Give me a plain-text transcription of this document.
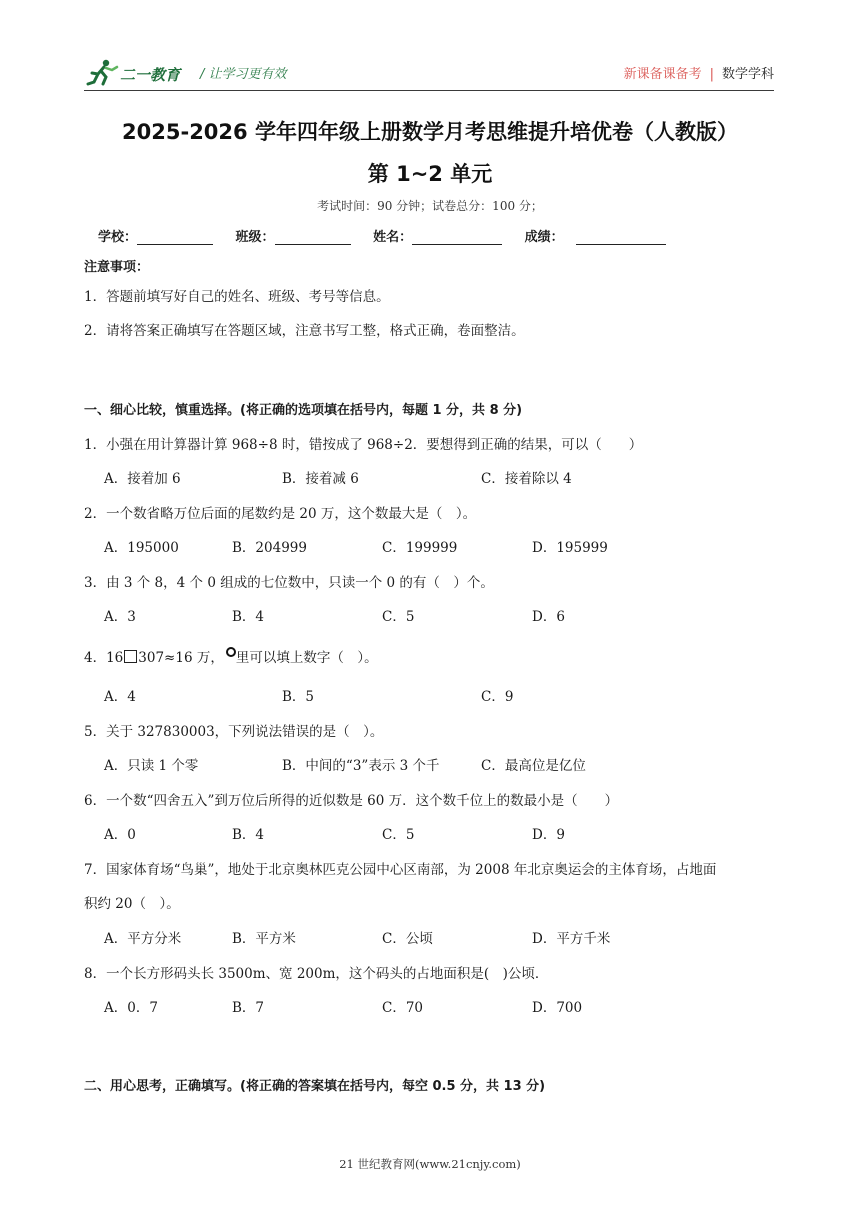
二一教育 / 让学习更有效	新课备课备考 | 数学学科
2025-2026 学年四年级上册数学月考思维提升培优卷（人教版）
第 1~2 单元
考试时间：90 分钟；试卷总分：100 分；
学校：	班级：	姓名：	成绩：
注意事项：
1．答题前填写好自己的姓名、班级、考号等信息。
2．请将答案正确填写在答题区域，注意书写工整，格式正确，卷面整洁。
一、细心比较，慎重选择。(将正确的选项填在括号内，每题 1 分，共 8 分)
1．小强在用计算器计算 968÷8 时，错按成了 968÷2．要想得到正确的结果，可以（　　）
A．接着加 6	B．接着减 6	C．接着除以 4
2．一个数省略万位后面的尾数约是 20 万，这个数最大是（　）。
A．195000	B．204999	C．199999	D．195999
3．由 3 个 8，4 个 0 组成的七位数中，只读一个 0 的有（　）个。
A．3	B．4	C．5	D．6
4．16 307≈16 万， 里可以填上数字（　）。
A．4	B．5	C．9
5．关于 327830003，下列说法错误的是（　）。
A．只读 1 个零	B．中间的“3”表示 3 个千	C．最高位是亿位
6．一个数“四舍五入”到万位后所得的近似数是 60 万．这个数千位上的数最小是（　　）
A．0	B．4	C．5	D．9
7．国家体育场“鸟巢”，地处于北京奥林匹克公园中心区南部，为 2008 年北京奥运会的主体育场，占地面
积约 20（　）。
A．平方分米	B．平方米	C．公顷	D．平方千米
8．一个长方形码头长 3500m、宽 200m，这个码头的占地面积是(　)公顷．
A．0．7	B．7	C．70	D．700
二、用心思考，正确填写。(将正确的答案填在括号内，每空 0.5 分，共 13 分)
21 世纪教育网(www.21cnjy.com)
